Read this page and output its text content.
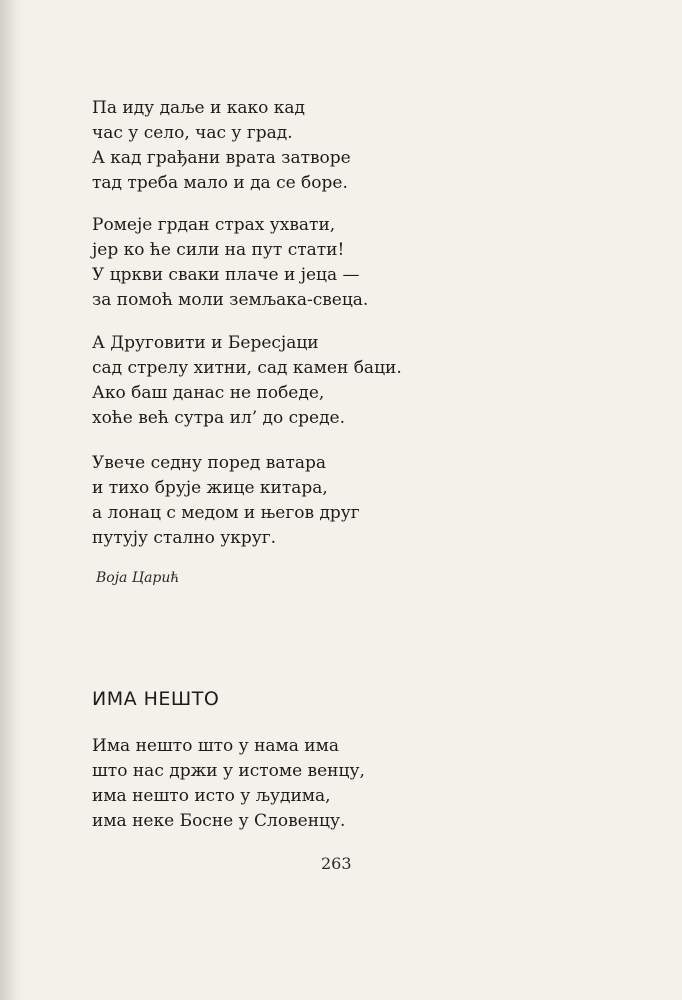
Па иду даље и како кад
час у село, час у град.
А кад грађани врата затворе
тад треба мало и да се боре.
Ромеје грдан страх ухвати,
јер ко ће сили на пут стати!
У цркви сваки плаче и јеца —
за помоћ моли земљака-свеца.
А Друговити и Бересјаци
сад стрелу хитни, сад камен баци.
Ако баш данас не победе,
хоће већ сутра ил’ до среде.
Увече седну поред ватара
и тихо брује жице китара,
а лонац с медом и његов друг
путују стално укруг.
Воја Царић
ИМА НЕШТО
Има нешто што у нама има
што нас држи у истоме венцу,
има нешто исто у људима,
има неке Босне у Словенцу.
263
